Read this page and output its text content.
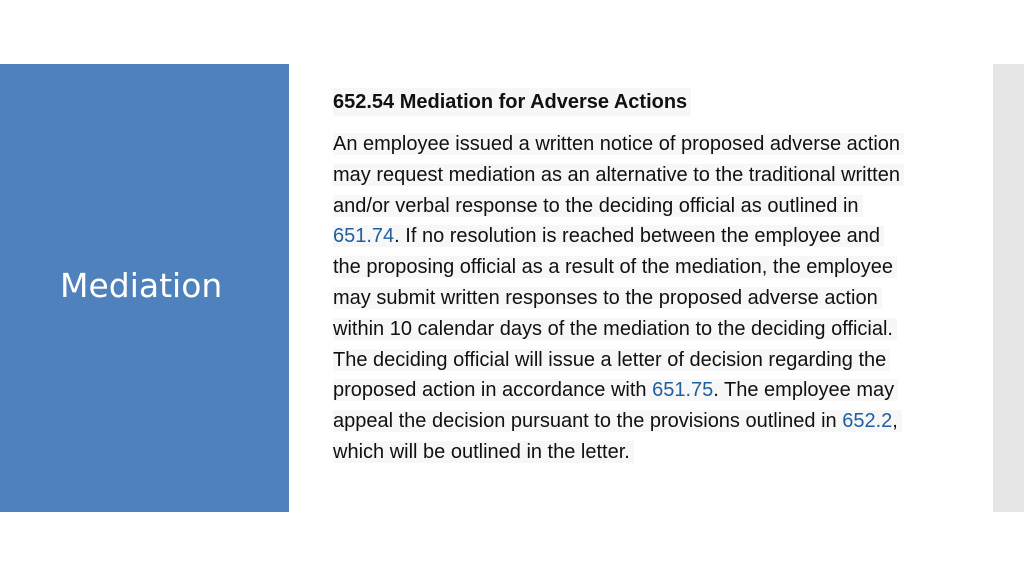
Mediation
652.54 Mediation for Adverse Actions
An employee issued a written notice of proposed adverse action
may request mediation as an alternative to the traditional written
and/or verbal response to the deciding official as outlined in
651.74. If no resolution is reached between the employee and
the proposing official as a result of the mediation, the employee
may submit written responses to the proposed adverse action
within 10 calendar days of the mediation to the deciding official.
The deciding official will issue a letter of decision regarding the
proposed action in accordance with 651.75. The employee may
appeal the decision pursuant to the provisions outlined in 652.2,
which will be outlined in the letter.
